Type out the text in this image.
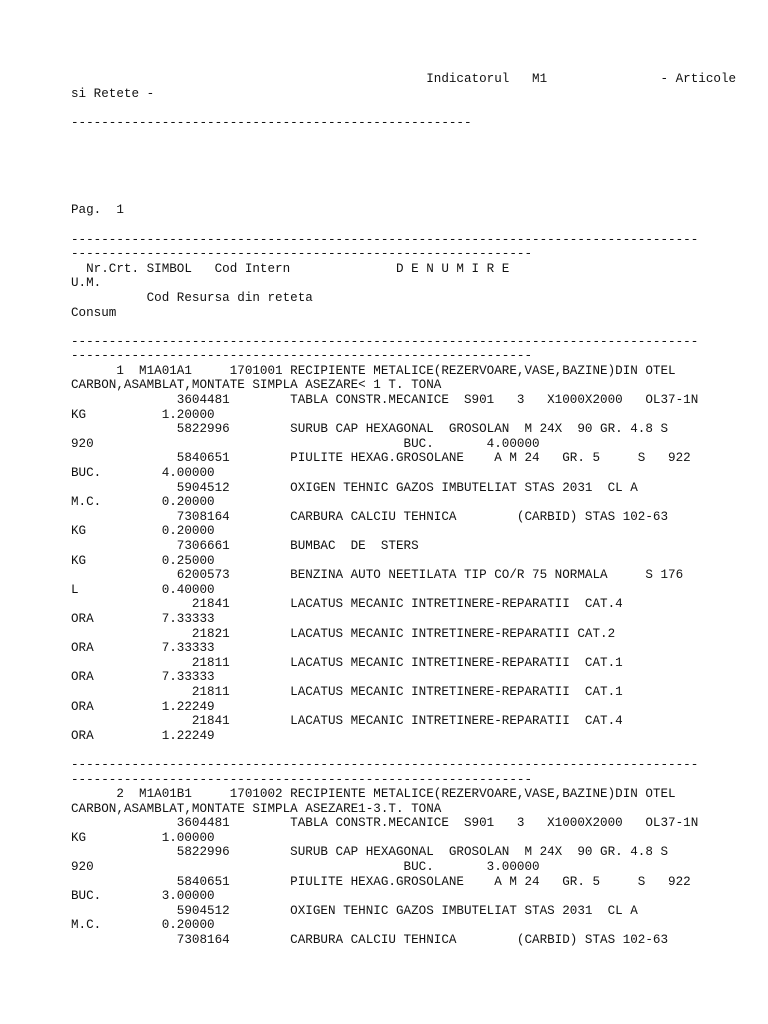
Indicatorul   M1               - Articole
si Retete -
-----------------------------------------------------
Pag.  1
-----------------------------------------------------------------------------------
-------------------------------------------------------------
Nr.Crt. SIMBOL   Cod Intern              D E N U M I R E
U.M.
Cod Resursa din reteta
Consum
-----------------------------------------------------------------------------------
-------------------------------------------------------------
1  M1A01A1     1701001 RECIPIENTE METALICE(REZERVOARE,VASE,BAZINE)DIN OTEL
CARBON,ASAMBLAT,MONTATE SIMPLA ASEZARE< 1 T. TONA
3604481        TABLA CONSTR.MECANICE  S901   3   X1000X2000   OL37-1N
KG          1.20000
5822996        SURUB CAP HEXAGONAL  GROSOLAN  M 24X  90 GR. 4.8 S
920                                         BUC.       4.00000
5840651        PIULITE HEXAG.GROSOLANE    A M 24   GR. 5     S   922
BUC.        4.00000
5904512        OXIGEN TEHNIC GAZOS IMBUTELIAT STAS 2031  CL A
M.C.        0.20000
7308164        CARBURA CALCIU TEHNICA        (CARBID) STAS 102-63
KG          0.20000
7306661        BUMBAC  DE  STERS
KG          0.25000
6200573        BENZINA AUTO NEETILATA TIP CO/R 75 NORMALA     S 176
L           0.40000
21841        LACATUS MECANIC INTRETINERE-REPARATII  CAT.4
ORA         7.33333
21821        LACATUS MECANIC INTRETINERE-REPARATII CAT.2
ORA         7.33333
21811        LACATUS MECANIC INTRETINERE-REPARATII  CAT.1
ORA         7.33333
21811        LACATUS MECANIC INTRETINERE-REPARATII  CAT.1
ORA         1.22249
21841        LACATUS MECANIC INTRETINERE-REPARATII  CAT.4
ORA         1.22249
-----------------------------------------------------------------------------------
-------------------------------------------------------------
2  M1A01B1     1701002 RECIPIENTE METALICE(REZERVOARE,VASE,BAZINE)DIN OTEL
CARBON,ASAMBLAT,MONTATE SIMPLA ASEZARE1-3.T. TONA
3604481        TABLA CONSTR.MECANICE  S901   3   X1000X2000   OL37-1N
KG          1.00000
5822996        SURUB CAP HEXAGONAL  GROSOLAN  M 24X  90 GR. 4.8 S
920                                         BUC.       3.00000
5840651        PIULITE HEXAG.GROSOLANE    A M 24   GR. 5     S   922
BUC.        3.00000
5904512        OXIGEN TEHNIC GAZOS IMBUTELIAT STAS 2031  CL A
M.C.        0.20000
7308164        CARBURA CALCIU TEHNICA        (CARBID) STAS 102-63
